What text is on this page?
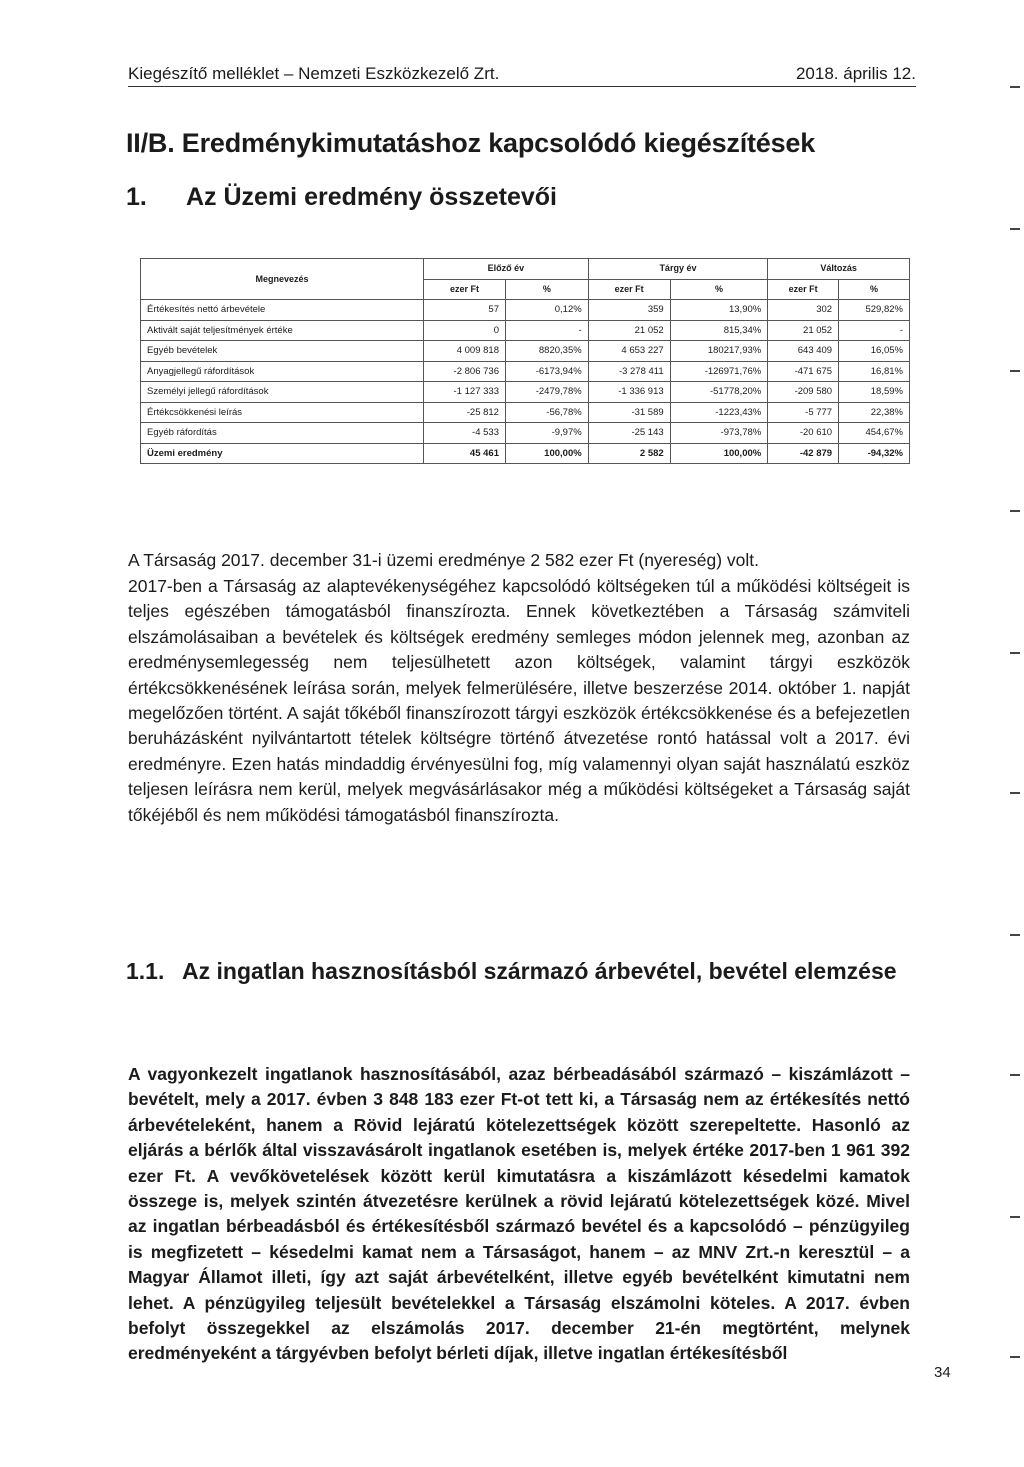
Kiegészítő melléklet – Nemzeti Eszközkezelő Zrt.	2018. április 12.
II/B. Eredménykimutatáshoz kapcsolódó kiegészítések
1. Az Üzemi eredmény összetevői
Megnevezés	Előző év		Tárgy év		Változás	
	ezer Ft	%	ezer Ft	%	ezer Ft	%
Értékesítés nettó árbevétele	57	0,12%	359	13,90%	302	529,82%
Aktivált saját teljesítmények értéke	0	-	21 052	815,34%	21 052	-
Egyéb bevételek	4 009 818	8820,35%	4 653 227	180217,93%	643 409	16,05%
Anyagjellegű ráfordítások	-2 806 736	-6173,94%	-3 278 411	-126971,76%	-471 675	16,81%
Személyi jellegű ráfordítások	-1 127 333	-2479,78%	-1 336 913	-51778,20%	-209 580	18,59%
Értékcsökkenési leírás	-25 812	-56,78%	-31 589	-1223,43%	-5 777	22,38%
Egyéb ráfordítás	-4 533	-9,97%	-25 143	-973,78%	-20 610	454,67%
Üzemi eredmény	45 461	100,00%	2 582	100,00%	-42 879	-94,32%
A Társaság 2017. december 31-i üzemi eredménye 2 582 ezer Ft (nyereség) volt.
2017-ben a Társaság az alaptevékenységéhez kapcsolódó költségeken túl a működési költségeit is teljes egészében támogatásból finanszírozta. Ennek következtében a Társaság számviteli elszámolásaiban a bevételek és költségek eredmény semleges módon jelennek meg, azonban az eredménysemlegesség nem teljesülhetett azon költségek, valamint tárgyi eszközök értékcsökkenésének leírása során, melyek felmerülésére, illetve beszerzése 2014. október 1. napját megelőzően történt. A saját tőkéből finanszírozott tárgyi eszközök értékcsökkenése és a befejezetlen beruházásként nyilvántartott tételek költségre történő átvezetése rontó hatással volt a 2017. évi eredményre. Ezen hatás mindaddig érvényesülni fog, míg valamennyi olyan saját használatú eszköz teljesen leírásra nem kerül, melyek megvásárlásakor még a működési költségeket a Társaság saját tőkéjéből és nem működési támogatásból finanszírozta.
1.1. Az ingatlan hasznosításból származó árbevétel, bevétel elemzése
A vagyonkezelt ingatlanok hasznosításából, azaz bérbeadásából származó – kiszámlázott – bevételt, mely a 2017. évben 3 848 183 ezer Ft-ot tett ki, a Társaság nem az értékesítés nettó árbevételeként, hanem a Rövid lejáratú kötelezettségek között szerepeltette. Hasonló az eljárás a bérlők által visszavásárolt ingatlanok esetében is, melyek értéke 2017-ben 1 961 392 ezer Ft. A vevőkövetelések között kerül kimutatásra a kiszámlázott késedelmi kamatok összege is, melyek szintén átvezetésre kerülnek a rövid lejáratú kötelezettségek közé. Mivel az ingatlan bérbeadásból és értékesítésből származó bevétel és a kapcsolódó – pénzügyileg is megfizetett – késedelmi kamat nem a Társaságot, hanem – az MNV Zrt.-n keresztül – a Magyar Államot illeti, így azt saját árbevételként, illetve egyéb bevételként kimutatni nem lehet. A pénzügyileg teljesült bevételekkel a Társaság elszámolni köteles. A 2017. évben befolyt összegekkel az elszámolás 2017. december 21-én megtörtént, melynek eredményeként a tárgyévben befolyt bérleti díjak, illetve ingatlan értékesítésből
34
